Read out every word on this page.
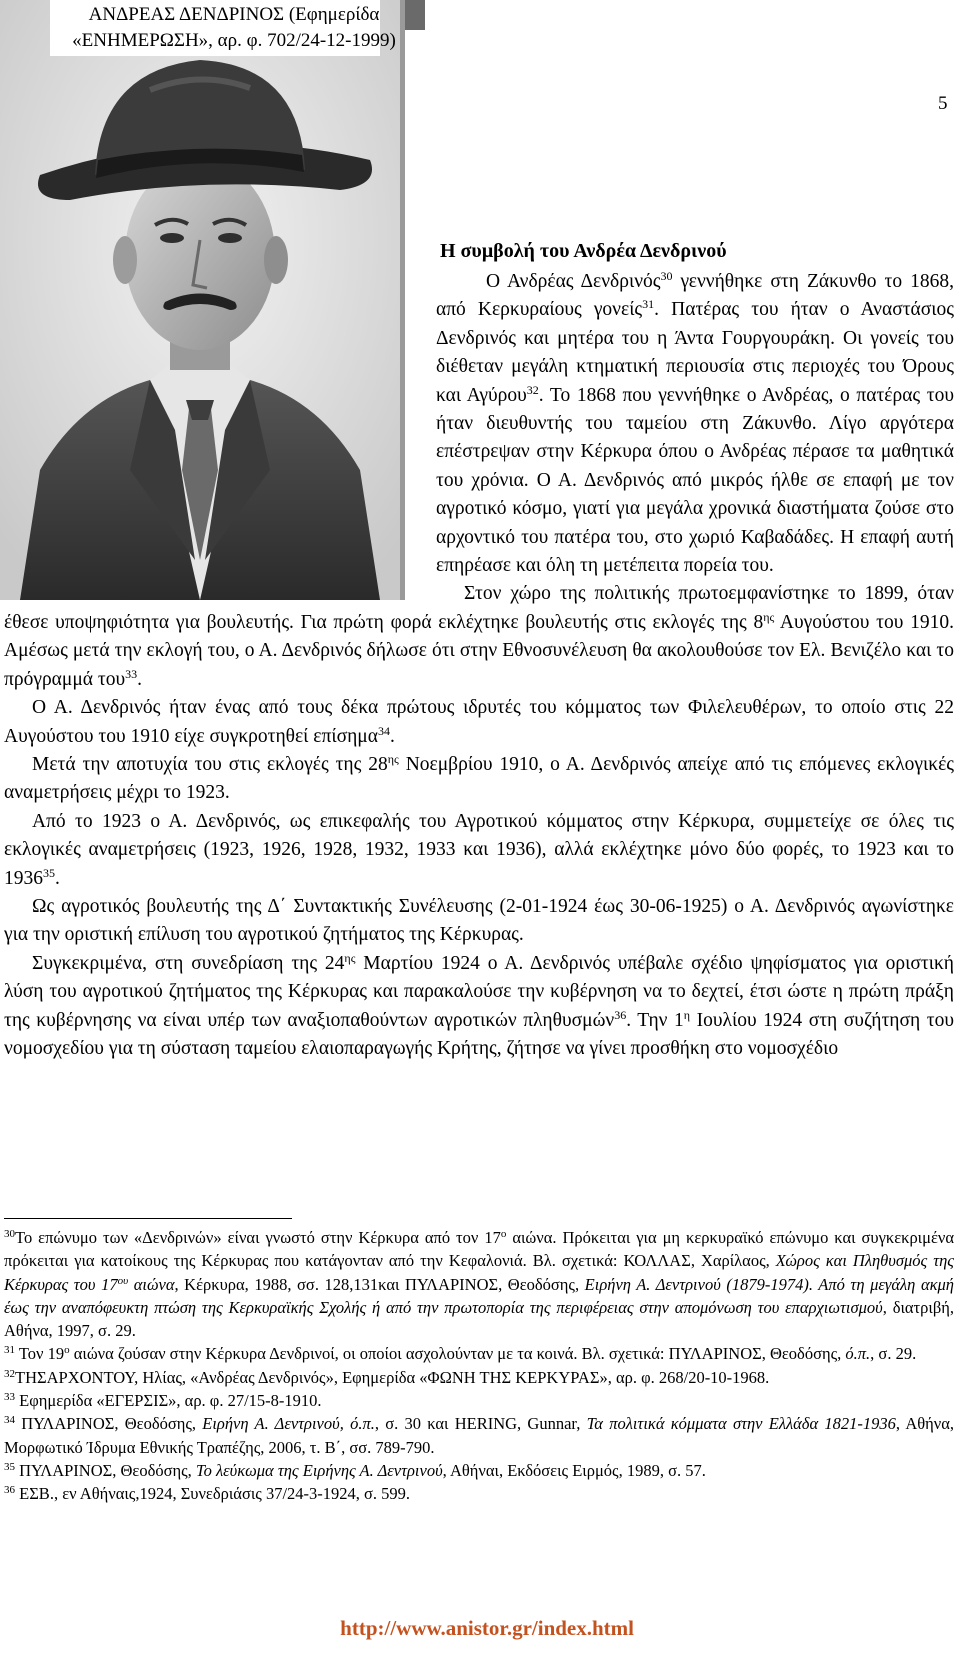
ΑΝΔΡΕΑΣ ΔΕΝΔΡΙΝΟΣ (Εφημερίδα
«ΕΝΗΜΕΡΩΣΗ», αρ. φ. 702/24-12-1999)
5
Η συμβολή του Ανδρέα Δενδρινού

Ο Ανδρέας Δενδρινός$^{30}$ γεννήθηκε στη Ζάκυνθο το 1868, από Κερκυραίους γονείς$^{31}$. Πατέρας του ήταν ο Αναστάσιος Δενδρινός και μητέρα του η Άντα Γουργουράκη. Οι γονείς του διέθεταν μεγάλη κτηματική περιουσία στις περιοχές του Όρους και Αγύρου$^{32}$. Το 1868 που γεννήθηκε ο Ανδρέας, ο πατέρας του ήταν διευθυντής του ταμείου στη Ζάκυνθο. Λίγο αργότερα επέστρεψαν στην Κέρκυρα όπου ο Ανδρέας πέρασε τα μαθητικά του χρόνια. Ο Α. Δενδρινός από μικρός ήλθε σε επαφή με τον αγροτικό κόσμο, γιατί για μεγάλα χρονικά διαστήματα ζούσε στο αρχοντικό του πατέρα του, στο χωριό Καβαδάδες. Η επαφή αυτή επηρέασε και όλη τη μετέπειτα πορεία του.

Στον χώρο της πολιτικής πρωτοεμφανίστηκε το 1899, όταν έθεσε υποψηφιότητα για βουλευτής. Για πρώτη φορά εκλέχτηκε βουλευτής στις εκλογές της $8^{\eta\varsigma}$ Αυγούστου του 1910. Αμέσως μετά την εκλογή του, ο Α. Δενδρινός δήλωσε ότι στην Εθνοσυνέλευση θα ακολουθούσε τον Ελ. Βενιζέλο και το πρόγραμμά του$^{33}$.

Ο Α. Δενδρινός ήταν ένας από τους δέκα πρώτους ιδρυτές του κόμματος των Φιλελευθέρων, το οποίο στις 22 Αυγούστου του 1910 είχε συγκροτηθεί επίσημα$^{34}$.

Μετά την αποτυχία του στις εκλογές της $28^{\eta\varsigma}$ Νοεμβρίου 1910, ο Α. Δενδρινός απείχε από τις επόμενες εκλογικές αναμετρήσεις μέχρι το 1923.

Από το 1923 ο Α. Δενδρινός, ως επικεφαλής του Αγροτικού κόμματος στην Κέρκυρα, συμμετείχε σε όλες τις εκλογικές αναμετρήσεις (1923, 1926, 1928, 1932, 1933 και 1936), αλλά εκλέχτηκε μόνο δύο φορές, το 1923 και το 1936$^{35}$.

Ως αγροτικός βουλευτής της Δ΄ Συντακτικής Συνέλευσης (2-01-1924 έως 30-06-1925) ο Α. Δενδρινός αγωνίστηκε για την οριστική επίλυση του αγροτικού ζητήματος της Κέρκυρας.

Συγκεκριμένα, στη συνεδρίαση της $24^{\eta\varsigma}$ Μαρτίου 1924 ο Α. Δενδρινός υπέβαλε σχέδιο ψηφίσματος για οριστική λύση του αγροτικού ζητήματος της Κέρκυρας και παρακαλούσε την κυβέρνηση να το δεχτεί, έτσι ώστε η πρώτη πράξη της κυβέρνησης να είναι υπέρ των αναξιοπαθούντων αγροτικών πληθυσμών$^{36}$. Την $1^\eta$ Ιουλίου 1924 στη συζήτηση του νομοσχεδίου για τη σύσταση ταμείου ελαιοπαραγωγής Κρήτης, ζήτησε να γίνει προσθήκη στο νομοσχέδιο

$^{30}$Το επώνυμο των «Δενδρινών» είναι γνωστό στην Κέρκυρα από τον $17^o$ αιώνα. Πρόκειται για μη κερκυραϊκό επώνυμο και συγκεκριμένα πρόκειται για κατοίκους της Κέρκυρας που κατάγονταν από την Κεφαλονιά. Βλ. σχετικά: ΚΟΛΛΑΣ, Χαρίλαος, Χώρος και Πληθυσμός της Κέρκυρας του $17^{o\upsilon}$ αιώνα, Κέρκυρα, 1988, σσ. 128,131και ΠΥΛΑΡΙΝΟΣ, Θεοδόσης, Ειρήνη Α. Δεντρινού (1879-1974). Από τη μεγάλη ακμή έως την αναπόφευκτη πτώση της Κερκυραϊκής Σχολής ή από την πρωτοπορία της περιφέρειας στην απομόνωση του επαρχιωτισμού, διατριβή, Αθήνα, 1997, σ. 29.

$^{31}$ Τον $19^o$ αιώνα ζούσαν στην Κέρκυρα Δενδρινοί, οι οποίοι ασχολούνταν με τα κοινά. Βλ. σχετικά: ΠΥΛΑΡΙΝΟΣ, Θεοδόσης, ό.π., σ. 29.

$^{32}$ΤΗΣΑΡΧΟΝΤΟΥ, Ηλίας, «Ανδρέας Δενδρινός», Εφημερίδα «ΦΩΝΗ ΤΗΣ ΚΕΡΚΥΡΑΣ», αρ. φ. 268/20-10-1968.

$^{33}$ Εφημερίδα «ΕΓΕΡΣΙΣ», αρ. φ. 27/15-8-1910.

$^{34}$ ΠΥΛΑΡΙΝΟΣ, Θεοδόσης, Ειρήνη Α. Δεντρινού, ό.π., σ. 30 και HERING, Gunnar, Τα πολιτικά κόμματα στην Ελλάδα 1821-1936, Αθήνα, Μορφωτικό Ίδρυμα Εθνικής Τραπέζης, 2006, τ. Β΄, σσ. 789-790.

$^{35}$ ΠΥΛΑΡΙΝΟΣ, Θεοδόσης, Το λεύκωμα της Ειρήνης Α. Δεντρινού, Αθήναι, Εκδόσεις Ειρμός, 1989, σ. 57.

$^{36}$ ΕΣΒ., εν Αθήναις,1924, Συνεδριάσις 37/24-3-1924, σ. 599.

http://www.anistor.gr/index.html
